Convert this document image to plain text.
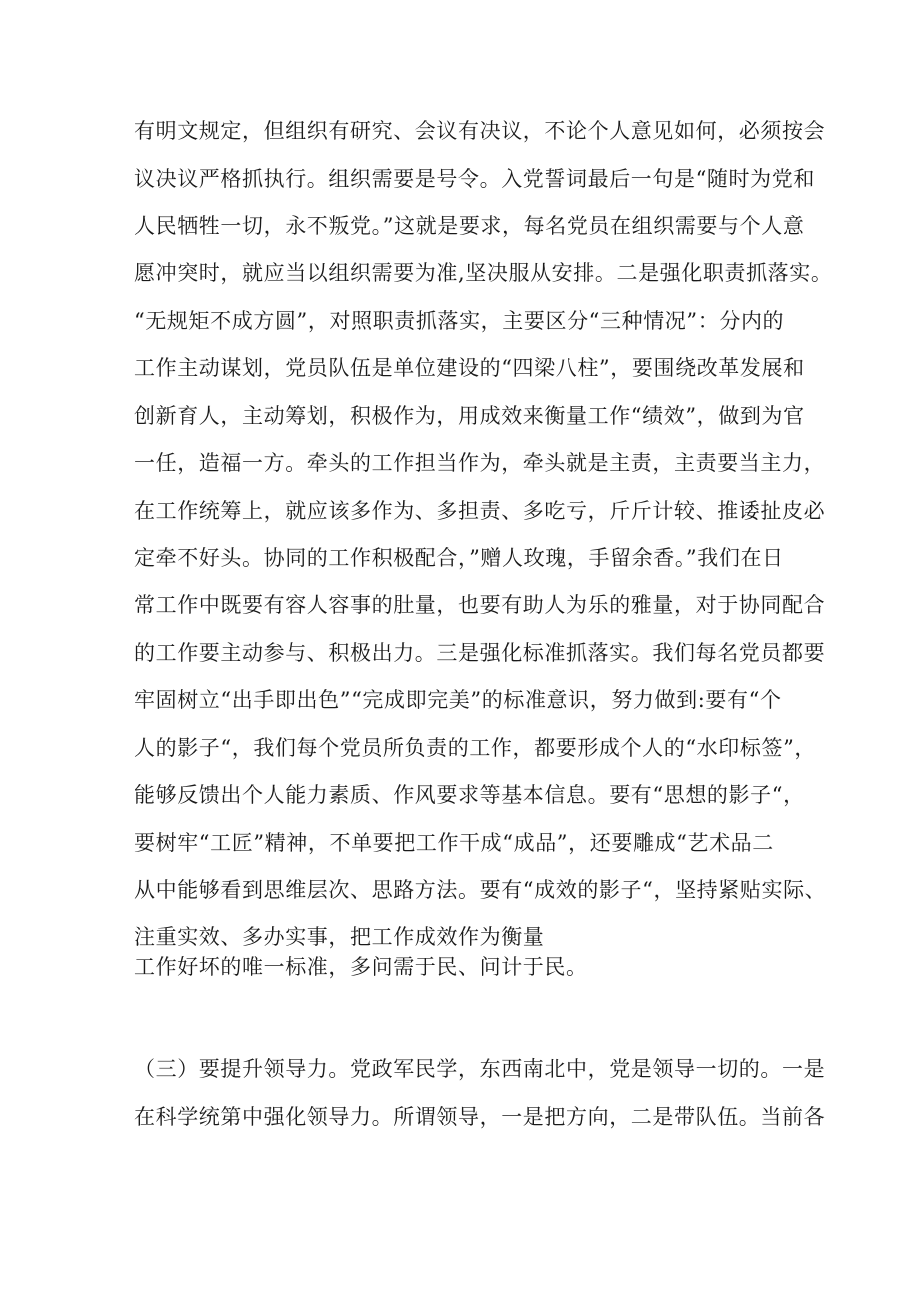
有明文规定，但组织有研究、会议有决议，不论个人意见如何，必须按会
议决议严格抓执行。组织需要是号令。入党誓词最后一句是“随时为党和
人民牺牲一切，永不叛党。”这就是要求，每名党员在组织需要与个人意
愿冲突时，就应当以组织需要为准,坚决服从安排。二是强化职责抓落实。
“无规矩不成方圆”，对照职责抓落实，主要区分“三种情况”：分内的
工作主动谋划，党员队伍是单位建设的“四梁八柱”，要围绕改革发展和
创新育人，主动筹划，积极作为，用成效来衡量工作“绩效”，做到为官
一任，造福一方。牵头的工作担当作为，牵头就是主责，主责要当主力，
在工作统筹上，就应该多作为、多担责、多吃亏，斤斤计较、推诿扯皮必
定牵不好头。协同的工作积极配合，”赠人玫瑰，手留余香。”我们在日
常工作中既要有容人容事的肚量，也要有助人为乐的雅量，对于协同配合
的工作要主动参与、积极出力。三是强化标准抓落实。我们每名党员都要
牢固树立“出手即出色”“完成即完美”的标准意识，努力做到:要有“个
人的影子“，我们每个党员所负责的工作，都要形成个人的“水印标签”，
能够反馈出个人能力素质、作风要求等基本信息。要有“思想的影子“，
要树牢“工匠”精神，不单要把工作干成“成品”，还要雕成“艺术品二
从中能够看到思维层次、思路方法。要有“成效的影子“，坚持紧贴实际、
注重实效、多办实事，把工作成效作为衡量
工作好坏的唯一标准，多问需于民、问计于民。
（三）要提升领导力。党政军民学，东西南北中，党是领导一切的。一是
在科学统第中强化领导力。所谓领导，一是把方向，二是带队伍。当前各
